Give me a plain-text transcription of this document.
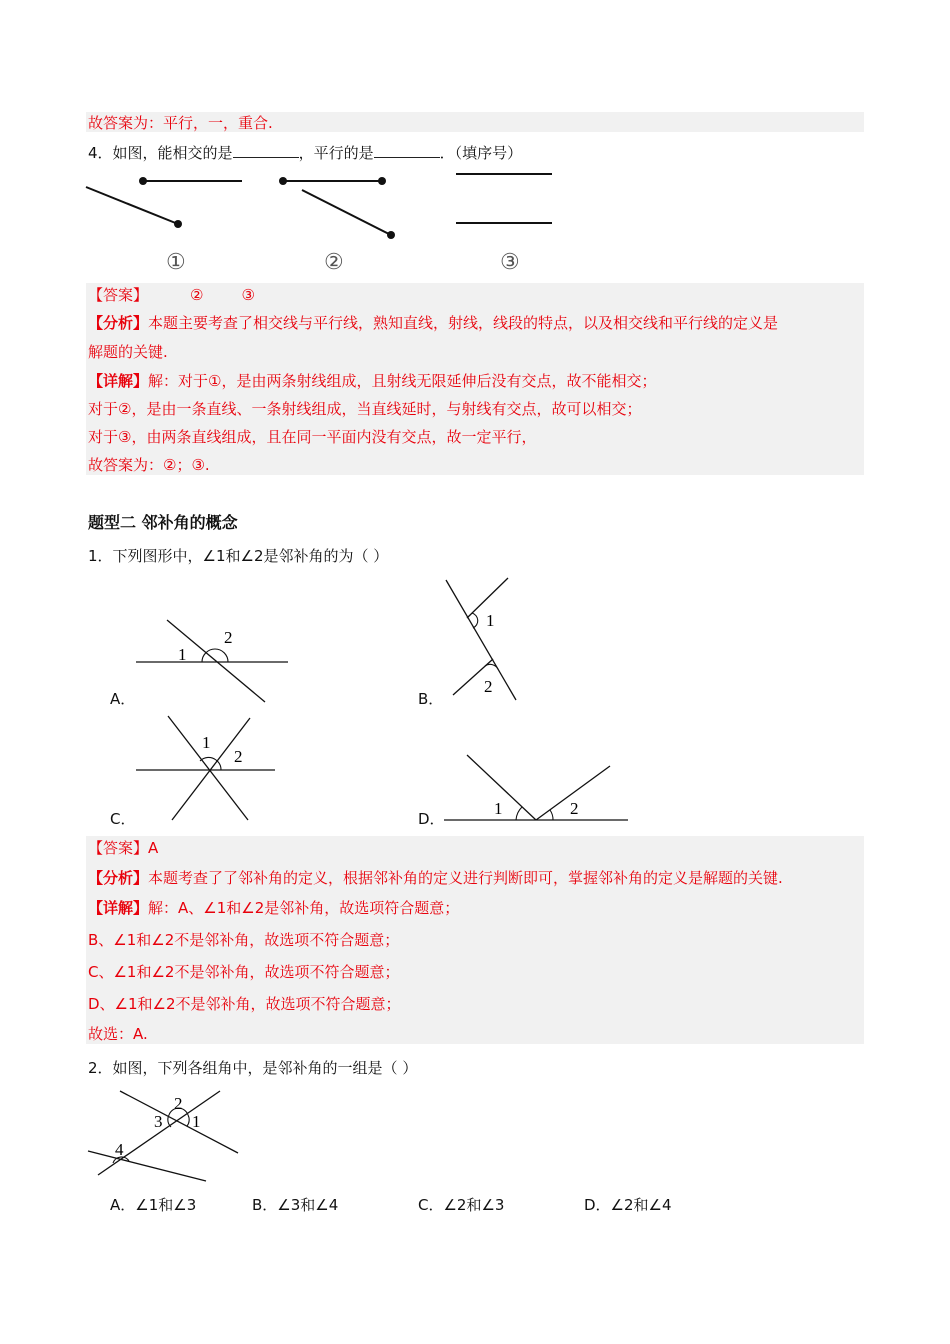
故答案为：平行，一，重合.
4．如图，能相交的是	，平行的是	．（填序号）
①	②	③
【答案】	②	③
【分析】本题主要考查了相交线与平行线，熟知直线，射线，线段的特点，以及相交线和平行线的定义是
解题的关键.
【详解】解：对于①，是由两条射线组成，且射线无限延伸后没有交点，故不能相交；
对于②，是由一条直线、一条射线组成，当直线延时，与射线有交点，故可以相交；
对于③，由两条直线组成，且在同一平面内没有交点，故一定平行，
故答案为：②；③.
题型二 邻补角的概念
1．下列图形中，∠1和∠2是邻补角的为（ ）
1
2
A．
1
2
B．
1
2
C．
1	2
D．
【答案】A
【分析】本题考查了了邻补角的定义，根据邻补角的定义进行判断即可，掌握邻补角的定义是解题的关键.
【详解】解：A、∠1和∠2是邻补角，故选项符合题意；
B、∠1和∠2不是邻补角，故选项不符合题意；
C、∠1和∠2不是邻补角，故选项不符合题意；
D、∠1和∠2不是邻补角，故选项不符合题意；
故选：A.
2．如图，下列各组角中，是邻补角的一组是（ ）
2
3 1
4
A．∠1和∠3	B．∠3和∠4	C．∠2和∠3	D．∠2和∠4
